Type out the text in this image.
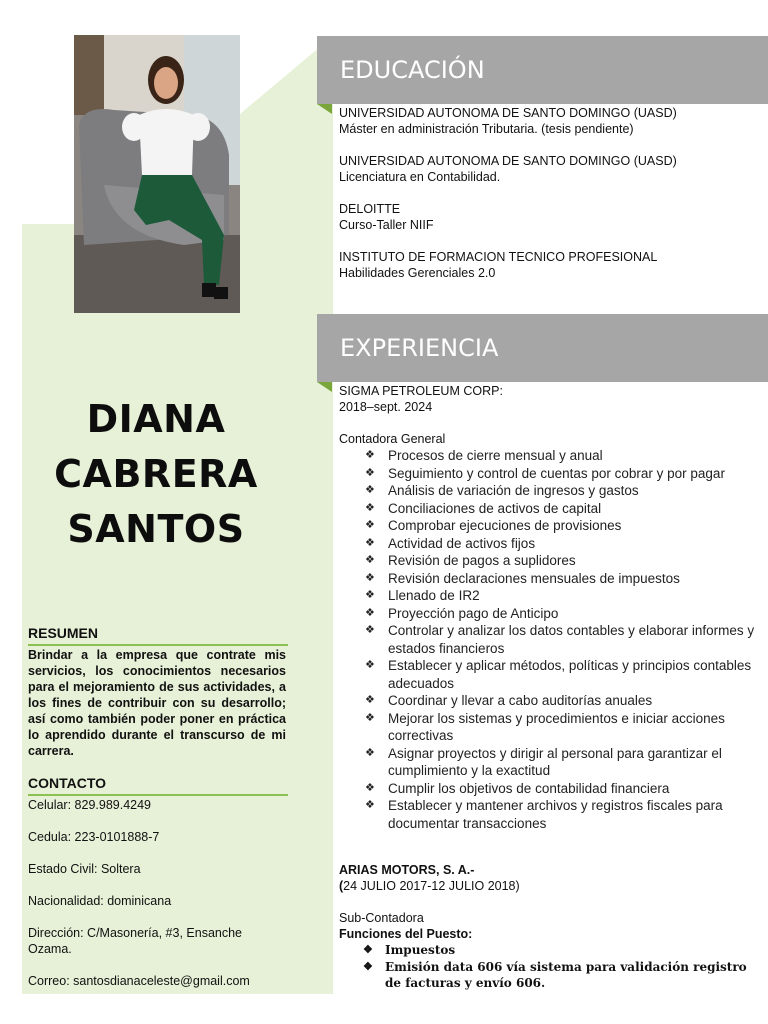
DIANA CABRERA SANTOS
RESUMEN
Brindar a la empresa que contrate mis servicios, los conocimientos necesarios para el mejoramiento de sus actividades, a los fines de contribuir con su desarrollo; así como también poder poner en práctica lo aprendido durante el transcurso de mi carrera.
CONTACTO
Celular: 829.989.4249
Cedula: 223-0101888-7
Estado Civil: Soltera
Nacionalidad: dominicana
Dirección: C/Masonería, #3, Ensanche Ozama.
Correo: santosdianaceleste@gmail.com
EDUCACIÓN
UNIVERSIDAD AUTONOMA DE SANTO DOMINGO (UASD)
Máster en administración Tributaria. (tesis pendiente)
UNIVERSIDAD AUTONOMA DE SANTO DOMINGO (UASD)
Licenciatura en Contabilidad.
DELOITTE
Curso-Taller NIIF
INSTITUTO DE FORMACION TECNICO PROFESIONAL
Habilidades Gerenciales 2.0
EXPERIENCIA
SIGMA PETROLEUM CORP:
2018–sept. 2024
Contadora General
❖ Procesos de cierre mensual y anual
❖ Seguimiento y control de cuentas por cobrar y por pagar
❖ Análisis de variación de ingresos y gastos
❖ Conciliaciones de activos de capital
❖ Comprobar ejecuciones de provisiones
❖ Actividad de activos fijos
❖ Revisión de pagos a suplidores
❖ Revisión declaraciones mensuales de impuestos
❖ Llenado de IR2
❖ Proyección pago de Anticipo
❖ Controlar y analizar los datos contables y elaborar informes y estados financieros
❖ Establecer y aplicar métodos, políticas y principios contables adecuados
❖ Coordinar y llevar a cabo auditorías anuales
❖ Mejorar los sistemas y procedimientos e iniciar acciones correctivas
❖ Asignar proyectos y dirigir al personal para garantizar el cumplimiento y la exactitud
❖ Cumplir los objetivos de contabilidad financiera
❖ Establecer y mantener archivos y registros fiscales para documentar transacciones
ARIAS MOTORS, S. A.-
(24 JULIO 2017-12 JULIO 2018)
Sub-Contadora
Funciones del Puesto:
❖ Impuestos
❖ Emisión data 606 vía sistema para validación registro de facturas y envío 606.
